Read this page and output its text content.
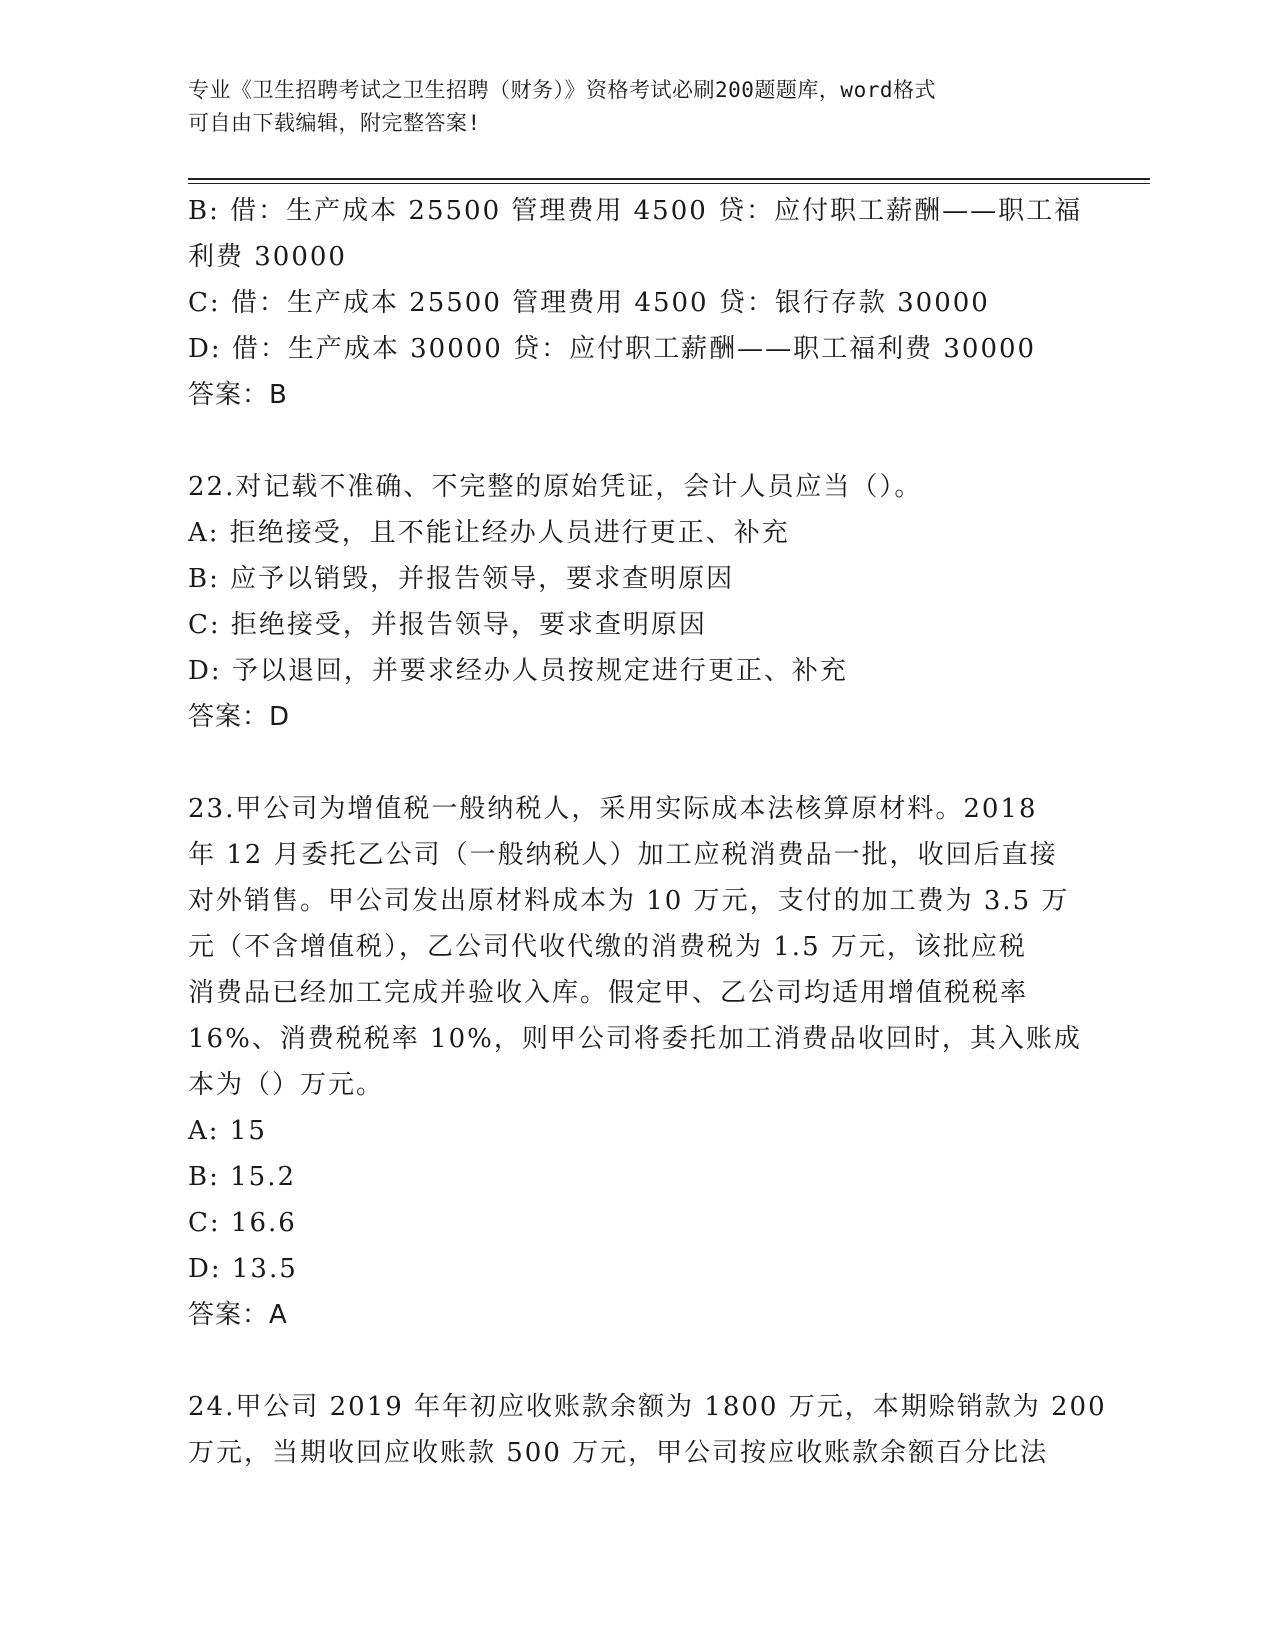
专业《卫生招聘考试之卫生招聘（财务）》资格考试必刷200题题库，word格式
可自由下载编辑，附完整答案!
B: 借：生产成本 25500 管理费用 4500 贷：应付职工薪酬——职工福
利费 30000
C: 借：生产成本 25500 管理费用 4500 贷：银行存款 30000
D: 借：生产成本 30000 贷：应付职工薪酬——职工福利费 30000
答案：B
22.对记载不准确、不完整的原始凭证，会计人员应当（）。
A: 拒绝接受，且不能让经办人员进行更正、补充
B: 应予以销毁，并报告领导，要求查明原因
C: 拒绝接受，并报告领导，要求查明原因
D: 予以退回，并要求经办人员按规定进行更正、补充
答案：D
23.甲公司为增值税一般纳税人，采用实际成本法核算原材料。2018
年 12 月委托乙公司（一般纳税人）加工应税消费品一批，收回后直接
对外销售。甲公司发出原材料成本为 10 万元，支付的加工费为 3.5 万
元（不含增值税），乙公司代收代缴的消费税为 1.5 万元，该批应税
消费品已经加工完成并验收入库。假定甲、乙公司均适用增值税税率
16%、消费税税率 10%，则甲公司将委托加工消费品收回时，其入账成
本为（）万元。
A: 15
B: 15.2
C: 16.6
D: 13.5
答案：A
24.甲公司 2019 年年初应收账款余额为 1800 万元，本期赊销款为 200
万元，当期收回应收账款 500 万元，甲公司按应收账款余额百分比法
